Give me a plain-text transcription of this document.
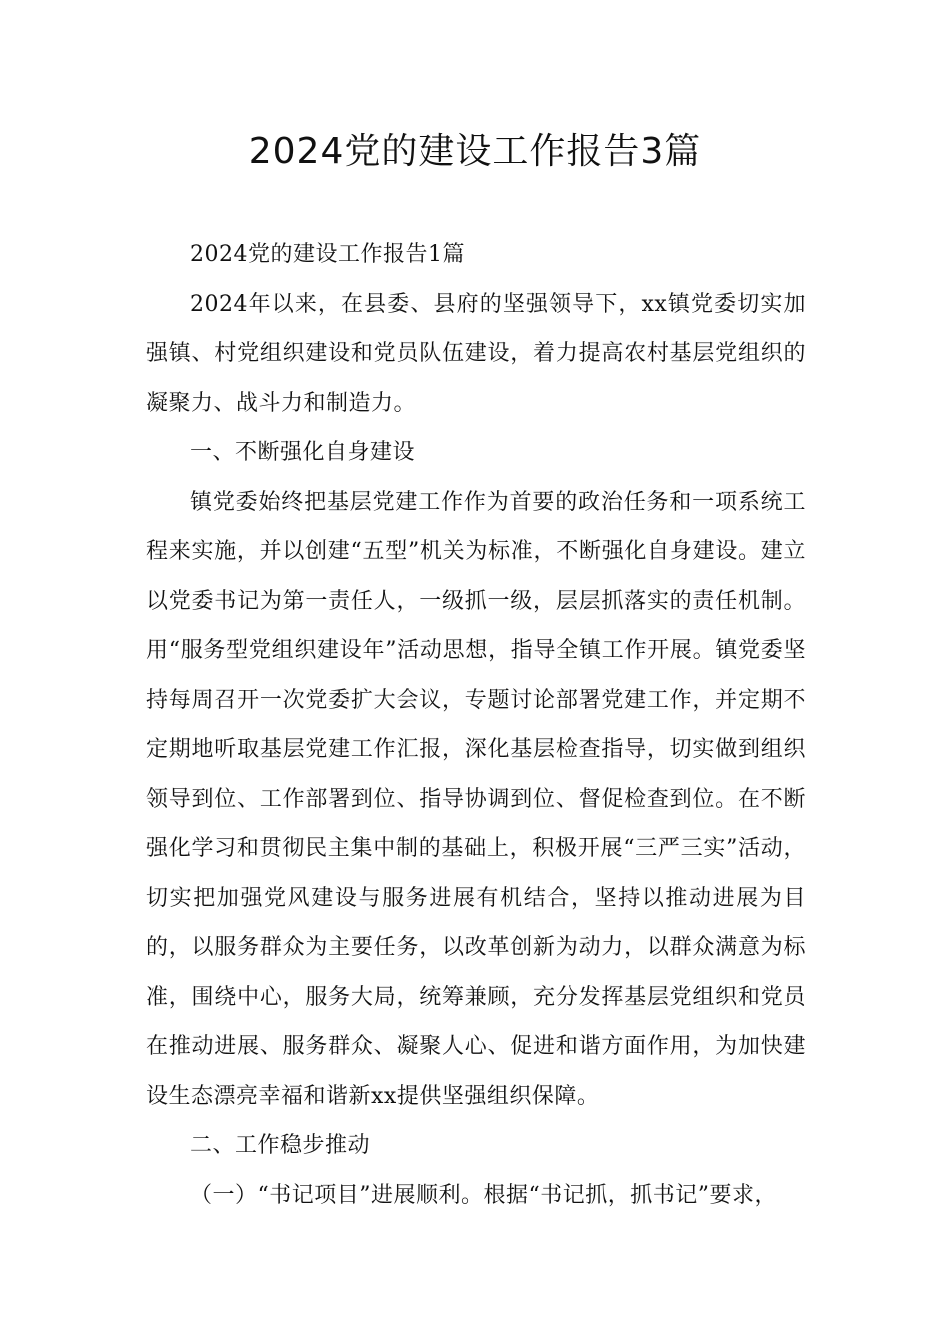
2024党的建设工作报告3篇

2024党的建设工作报告1篇

2024年以来，在县委、县府的坚强领导下，xx镇党委切实加强镇、村党组织建设和党员队伍建设，着力提高农村基层党组织的凝聚力、战斗力和制造力。

一、不断强化自身建设

镇党委始终把基层党建工作作为首要的政治任务和一项系统工程来实施，并以创建“五型”机关为标准，不断强化自身建设。建立以党委书记为第一责任人，一级抓一级，层层抓落实的责任机制。用“服务型党组织建设年”活动思想，指导全镇工作开展。镇党委坚持每周召开一次党委扩大会议，专题讨论部署党建工作，并定期不定期地听取基层党建工作汇报，深化基层检查指导，切实做到组织领导到位、工作部署到位、指导协调到位、督促检查到位。在不断强化学习和贯彻民主集中制的基础上，积极开展“三严三实”活动，切实把加强党风建设与服务进展有机结合，坚持以推动进展为目的，以服务群众为主要任务，以改革创新为动力，以群众满意为标准，围绕中心，服务大局，统筹兼顾，充分发挥基层党组织和党员在推动进展、服务群众、凝聚人心、促进和谐方面作用，为加快建设生态漂亮幸福和谐新xx提供坚强组织保障。

二、工作稳步推动

（一）“书记项目”进展顺利。根据“书记抓，抓书记”要求，
